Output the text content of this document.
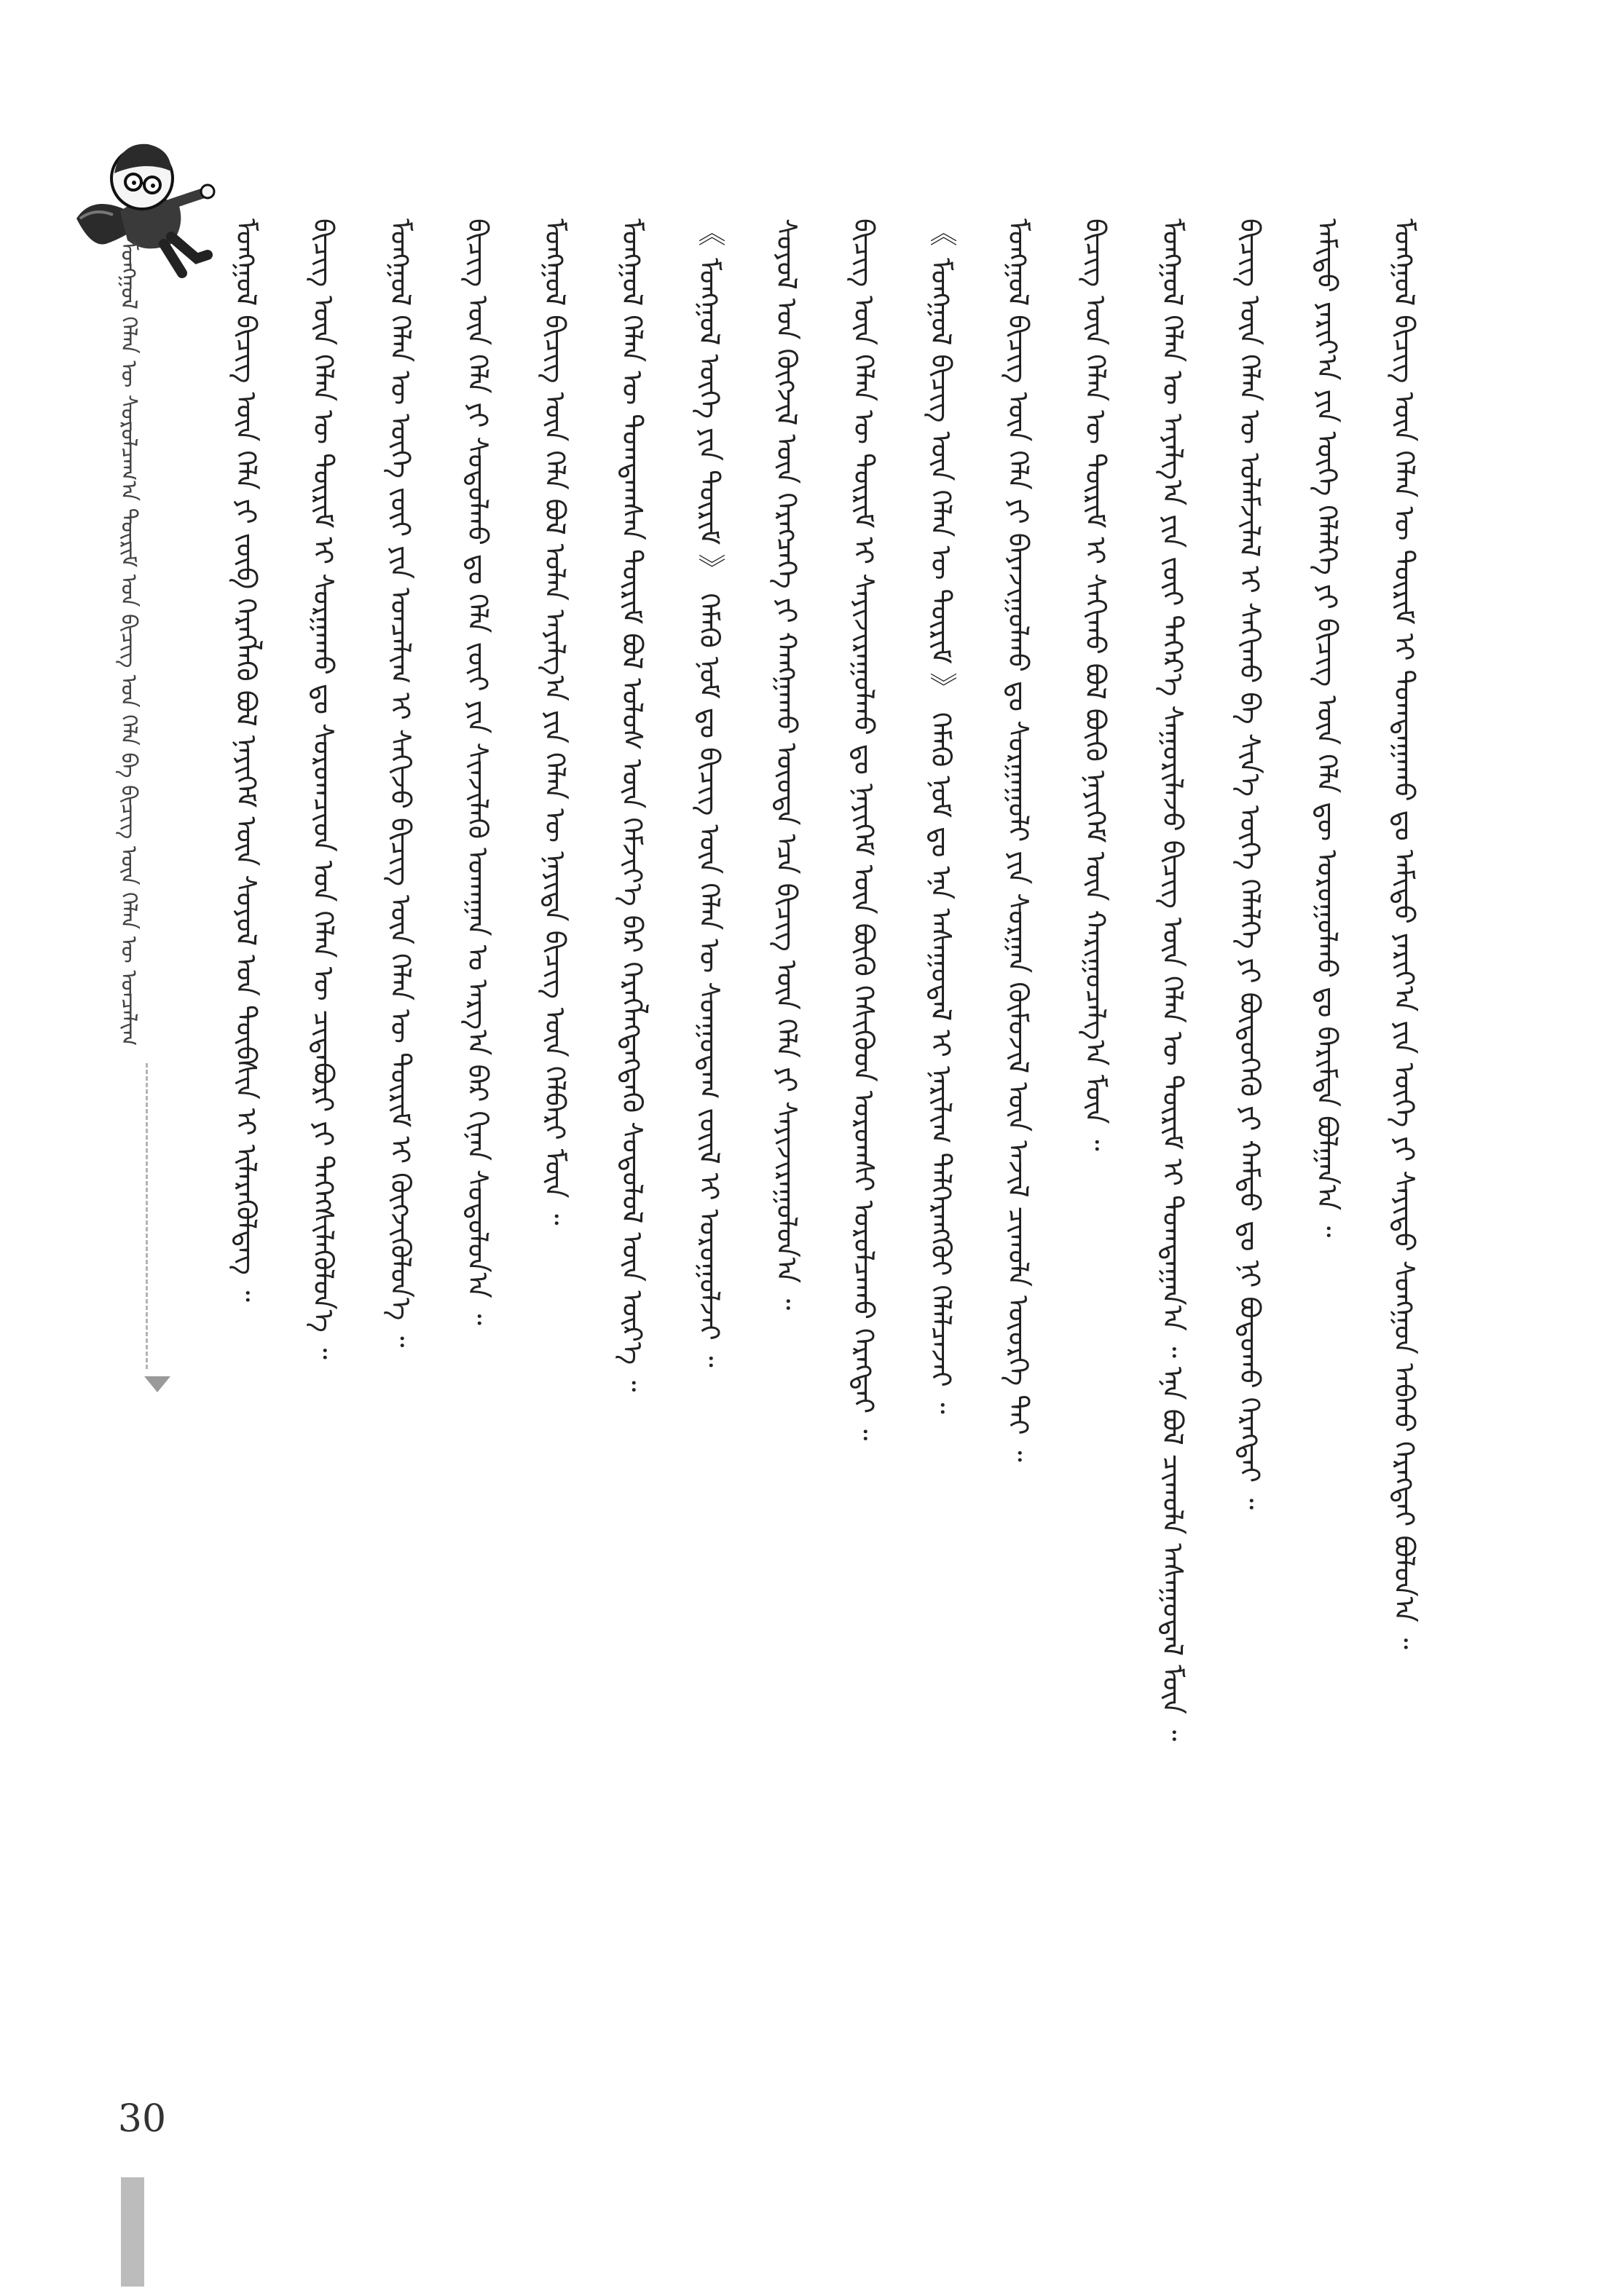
ᠮᠣᠩᠭᠣᠯ ᠬᠡᠯᠡᠨ ᠦ ᠰᠤᠷᠤᠯᠴᠠᠭ᠎ᠠ ᠳᠦᠷᠢᠮ ᠤᠨ ᠪᠢᠴᠢᠭ ᠤᠨ ᠬᠡᠯᠡ ᠪᠠ ᠪᠢᠴᠢᠭ ᠦᠨ ᠬᠡᠯᠡᠨ ᠦ ᠣᠨᠴᠠᠯᠢᠭ	ᠮᠣᠩᠭᠣᠯ ᠪᠢᠴᠢᠭ ᠦᠨ ᠬᠡᠯᠡᠨ ᠦ ᠳᠦᠷᠢᠮ ᠢ ᠲᠣᠭᠲᠠᠭᠠᠬᠤ ᠳᠤ ᠠᠮᠢᠳᠤ ᠶᠠᠷᠢᠶ᠎ᠠ ᠶᠢᠨ ᠦᠭᠡ ᠶᠢ ᠰᠠᠶᠢᠲᠤ ᠰᠣᠩᠭᠣᠨ ᠠᠪᠬᠤ ᠬᠡᠷᠡᠭᠲᠡᠢ ᠪᠣᠯᠤᠨ᠎ᠠ ᠃
ᠠᠮᠢᠳᠤ ᠶᠠᠷᠢᠶ᠎ᠠ ᠶᠢᠨ ᠦᠭᠡ ᠬᠡᠯᠡᠯᠭᠡ ᠶᠢ ᠪᠢᠴᠢᠭ ᠦᠨ ᠬᠡᠯᠡ ᠳᠦ ᠣᠷᠣᠭᠤᠯᠬᠤ ᠳᠤ ᠪᠠᠷᠢᠮᠲᠠ ᠪᠣᠯᠭᠠᠨ᠎ᠠ ᠃
ᠪᠢᠴᠢᠭ ᠦᠨ ᠬᠡᠯᠡᠨ ᠦ ᠤᠯᠠᠮᠵᠢᠯᠠᠯ ᠢ ᠰᠠᠬᠢᠬᠤ ᠪᠠ ᠰᠢᠨ᠎ᠡ ᠦᠭᠡ ᠬᠡᠯᠡᠯᠭᠡ ᠶᠢ ᠪᠦᠲᠦᠭᠡᠬᠦ ᠶᠢ ᠬᠠᠮᠲᠤ ᠳᠤ ᠨᠢ ᠪᠣᠳᠣᠬᠤ ᠬᠡᠷᠡᠭᠲᠡᠢ ᠃
ᠮᠣᠩᠭᠣᠯ ᠬᠡᠯᠡᠨ ᠦ ᠠᠶᠠᠯᠭ᠎ᠠ ᠶᠢᠨ ᠵᠦᠢ ᠳᠡᠭᠡᠷ᠎ᠡ ᠰᠠᠭᠤᠷᠢᠯᠠᠵᠤ ᠪᠢᠴᠢᠭ ᠦᠨ ᠬᠡᠯᠡᠨ ᠦ ᠳᠦᠷᠢᠮ ᠢ ᠲᠣᠭᠲᠠᠭᠠᠨ᠎ᠠ ᠃ ᠡᠨᠡ ᠪᠣᠯ ᠴᠢᠬᠤᠯᠠ ᠠᠰᠠᠭᠤᠳᠠᠯ ᠮᠦᠨ ᠃
ᠪᠢᠴᠢᠭ ᠦᠨ ᠬᠡᠯᠡᠨ ᠦ ᠳᠦᠷᠢᠮ ᠢ ᠰᠠᠬᠢᠬᠤ ᠪᠣᠯ ᠪᠦᠬᠦ ᠨᠡᠶᠢᠭᠡᠮ ᠦᠨ ᠬᠠᠷᠢᠭᠤᠴᠠᠯᠭ᠎ᠠ ᠮᠥᠨ ᠃
ᠮᠣᠩᠭᠣᠯ ᠪᠢᠴᠢᠭ ᠦᠨ ᠬᠡᠯᠡ ᠶᠢ ᠪᠠᠶᠠᠵᠢᠭᠤᠯᠬᠤ ᠳᠤ ᠰᠤᠷᠭᠠᠭᠤᠯᠢ ᠶᠢᠨ ᠰᠤᠷᠭᠠᠨ ᠬᠦᠮᠦᠵᠢᠯ ᠦᠨ ᠠᠵᠢᠯ ᠴᠢᠬᠤᠯᠠ ᠦᠦᠷᠭᠡ ᠲᠡᠢ ᠃
《 ᠮᠣᠩᠭᠣᠯ ᠪᠢᠴᠢᠭ ᠦᠨ ᠬᠡᠯᠡᠨ ᠦ ᠳᠦᠷᠢᠮ 》 ᠬᠡᠮᠡᠬᠦ ᠨᠣᠮ ᠳᠤ ᠡᠨᠡ ᠠᠰᠠᠭᠤᠳᠠᠯ ᠢ ᠨᠠᠷᠢᠯᠢᠭ ᠳᠡᠯᠭᠡᠷᠡᠩᠭᠦᠢ ᠬᠡᠯᠡᠯᠴᠡᠵᠡᠢ ᠃
ᠪᠢᠴᠢᠭ ᠦᠨ ᠬᠡᠯᠡᠨ ᠦ ᠳᠦᠷᠢᠮ ᠢ ᠰᠠᠶᠢᠵᠢᠷᠠᠭᠤᠯᠬᠤ ᠳᠤ ᠨᠡᠶᠢᠭᠡᠮ ᠦᠨ ᠪᠦᠬᠦ ᠭᠡᠰᠢᠭᠦᠳ ᠤᠷᠤᠭᠰᠢ ᠣᠷᠤᠯᠴᠠᠬᠤ ᠬᠡᠷᠡᠭᠲᠡᠢ ᠃
ᠰᠣᠶᠣᠯ ᠤᠨ ᠬᠥᠭᠵᠢᠯ ᠦᠨ ᠬᠡᠷᠡᠭᠴᠡᠭᠡ ᠶᠢ ᠬᠠᠩᠭᠠᠬᠤ ᠦᠦᠳᠡ ᠡᠴᠡ ᠪᠢᠴᠢᠭ ᠦᠨ ᠬᠡᠯᠡ ᠶᠢ ᠰᠠᠶᠢᠵᠢᠷᠠᠭᠤᠯᠤᠨ᠎ᠠ ᠃
《 ᠮᠣᠩᠭᠣᠯ ᠦᠭᠡ ᠶᠢᠨ ᠳᠦᠷᠢᠮ 》 ᠬᠡᠮᠡᠬᠦ ᠨᠣᠮ ᠳᠤ ᠪᠢᠴᠢᠭ ᠦᠨ ᠬᠡᠯᠡᠨ ᠦ ᠰᠣᠨᠭᠣᠳᠠᠭ ᠵᠦᠢᠯ ᠢ ᠣᠷᠣᠭᠤᠯᠵᠠᠢ ᠃
ᠮᠣᠩᠭᠣᠯ ᠬᠡᠯᠡᠨ ᠦ ᠲᠣᠭᠲᠠᠭᠰᠠᠨ ᠳᠦᠷᠢᠮ ᠪᠣᠯ ᠤᠯᠤᠰ ᠦᠨ ᠬᠡᠮᠵᠢᠶ᠎ᠡ ᠪᠡᠷ ᠬᠡᠷᠡᠭᠯᠡᠭᠳᠡᠭᠳᠡᠬᠦ ᠰᠤᠳᠤᠯᠤᠯ ᠦᠨ ᠦᠷ᠎ᠡ ᠃
ᠮᠣᠩᠭᠣᠯ ᠪᠢᠴᠢᠭ ᠦᠨ ᠬᠡᠯᠡ ᠪᠣᠯ ᠣᠯᠠᠨ ᠠᠶᠠᠯᠭ᠎ᠠ ᠶᠢᠨ ᠬᠡᠯᠡᠨ ᠦ ᠨᠡᠶᠢᠲᠡ ᠪᠢᠴᠢᠭ ᠦᠨ ᠬᠡᠯᠪᠡᠷᠢ ᠮᠥᠨ ᠃
ᠪᠢᠴᠢᠭ ᠦᠨ ᠬᠡᠯᠡ ᠶᠢ ᠰᠤᠳᠤᠯᠬᠤ ᠳᠤ ᠬᠡᠯᠡ ᠵᠦᠢ ᠶᠢᠨ ᠰᠢᠨᠵᠢᠯᠡᠬᠦ ᠤᠬᠠᠭᠠᠨ ᠤ ᠠᠷᠭ᠎ᠠ ᠪᠠᠷ ᠬᠢᠨᠠᠨ ᠰᠤᠳᠤᠯᠤᠨ᠎ᠠ ᠃
ᠮᠣᠩᠭᠣᠯ ᠬᠡᠯᠡᠨ ᠦ ᠦᠭᠡ ᠵᠦᠢ ᠶᠢᠨ ᠣᠨᠴᠠᠯᠢᠭ ᠢ ᠰᠠᠬᠢᠵᠤ ᠪᠢᠴᠢᠭ ᠦᠨ ᠬᠡᠯᠡᠨ ᠦ ᠳᠦᠷᠢᠮ ᠢ ᠬᠥᠭᠵᠢᠭᠦᠯᠦᠨ᠎ᠡ ᠃
ᠪᠢᠴᠢᠭ ᠦᠨ ᠬᠡᠯᠡᠨ ᠦ ᠳᠦᠷᠢᠮ ᠢ ᠰᠤᠷᠭᠠᠬᠤ ᠳᠤ ᠰᠤᠷᠤᠭᠴᠢᠳ ᠤᠨ ᠬᠡᠯᠡᠨ ᠦ ᠴᠢᠳᠠᠪᠤᠷᠢ ᠶᠢ ᠳᠡᠭᠡᠭᠰᠢᠯᠡᠭᠦᠯᠦᠨ᠎ᠡ ᠃
ᠮᠣᠩᠭᠣᠯ ᠪᠢᠴᠢᠭ ᠦᠨ ᠬᠡᠯᠡ ᠶᠢ ᠵᠥᠪ ᠬᠡᠷᠡᠭᠯᠡᠬᠦ ᠪᠣᠯ ᠨᠡᠶᠢᠭᠡᠮ ᠦᠨ ᠰᠣᠶᠣᠯ ᠤᠨ ᠲᠦᠪᠰᠢᠨ ᠢ ᠢᠯᠡᠷᠡᠭᠦᠯᠳᠡᠭ ᠃
30
